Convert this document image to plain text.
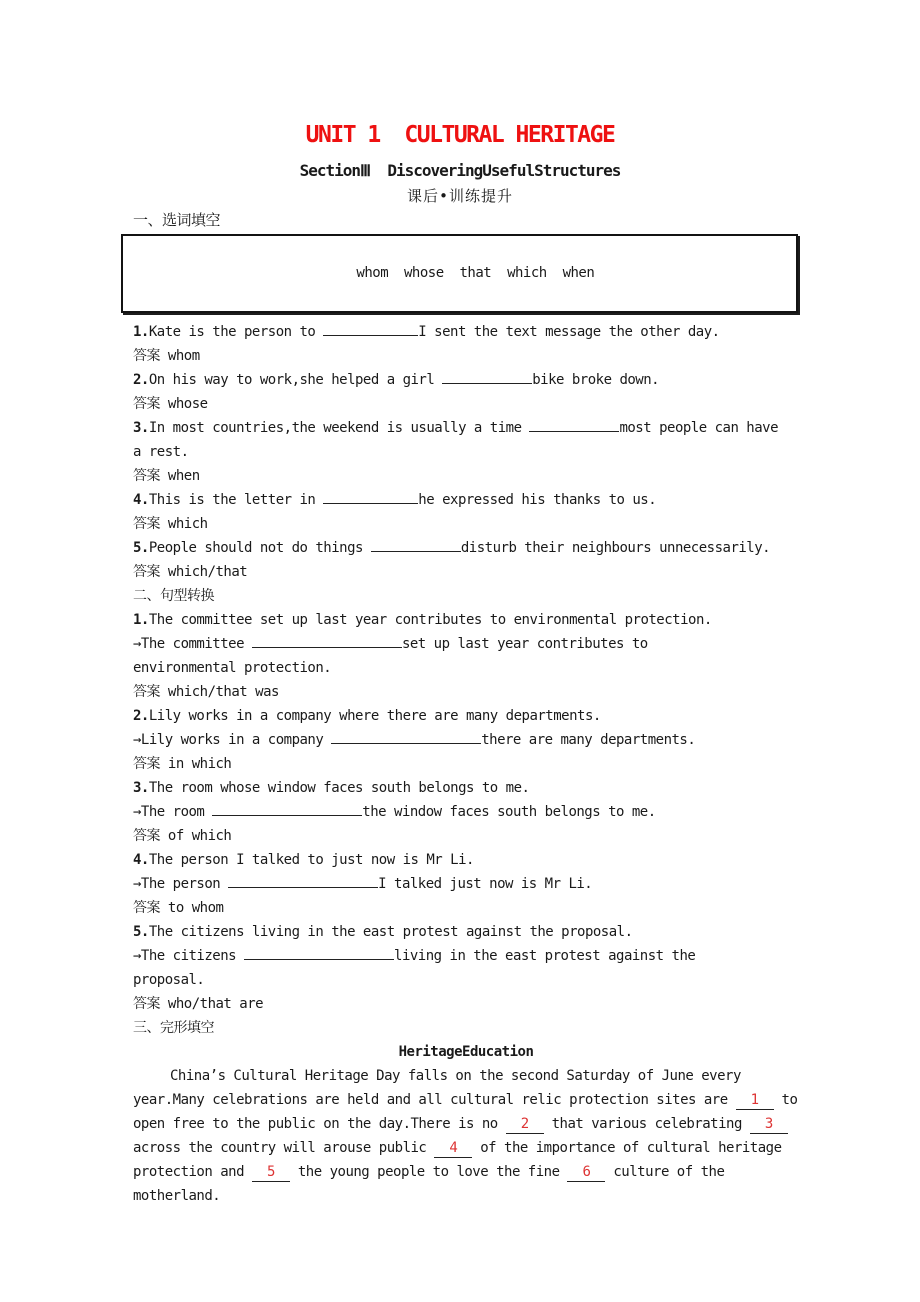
UNIT 1  CULTURAL HERITAGE
SectionⅢ  DiscoveringUsefulStructures
课后•训练提升
一、选词填空

whom  whose  that  which  when

1.Kate is the person to	I sent the text message the other day.
答案 whom
2.On his way to work,she helped a girl	bike broke down.
答案 whose
3.In most countries,the weekend is usually a time	most people can have
a rest.
答案 when
4.This is the letter in	he expressed his thanks to us.
答案 which
5.People should not do things	disturb their neighbours unnecessarily.
答案 which/that
二、句型转换
1.The committee set up last year contributes to environmental protection.
→The committee	set up last year contributes to
environmental protection.
答案 which/that was
2.Lily works in a company where there are many departments.
→Lily works in a company	there are many departments.
答案 in which
3.The room whose window faces south belongs to me.
→The room	the window faces south belongs to me.
答案 of which
4.The person I talked to just now is Mr Li.
→The person	I talked just now is Mr Li.
答案 to whom
5.The citizens living in the east protest against the proposal.
→The citizens	living in the east protest against the
proposal.
答案 who/that are
三、完形填空
HeritageEducation
China’s Cultural Heritage Day falls on the second Saturday of June every
year.Many celebrations are held and all cultural relic protection sites are 1 to
open free to the public on the day.There is no 2 that various celebrating 3
across the country will arouse public 4 of the importance of cultural heritage
protection and 5 the young people to love the fine 6 culture of the
motherland.
